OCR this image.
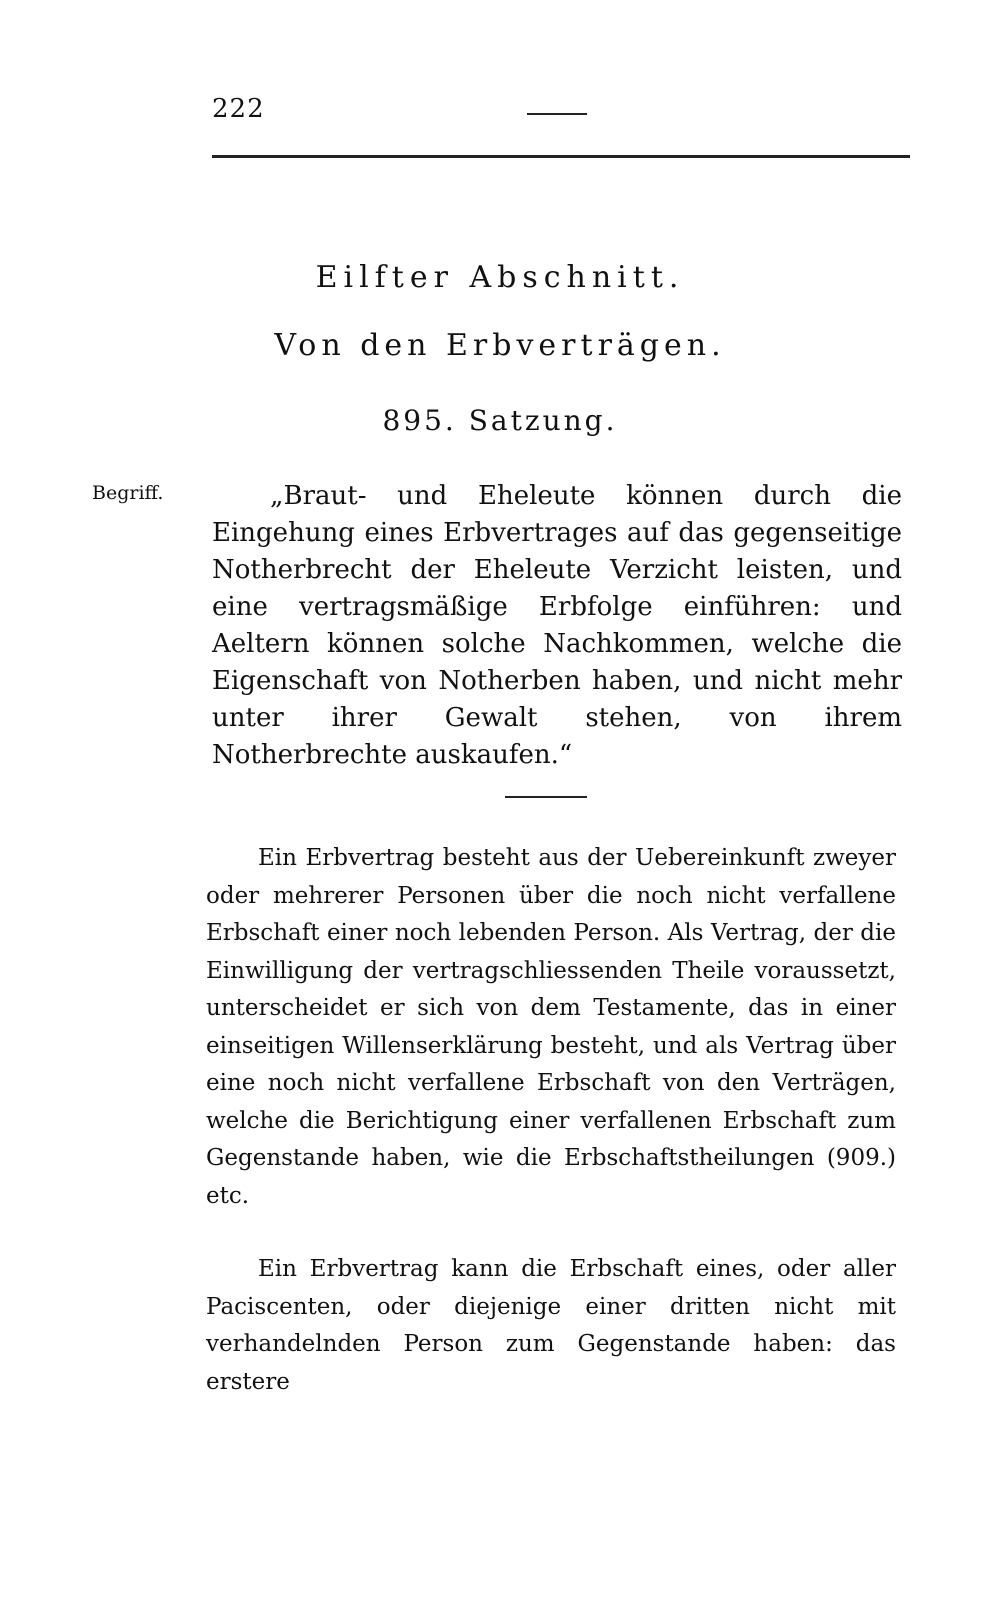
222
Eilfter Abschnitt.
Von den Erbverträgen.
895. Satzung.
Begriff.	„Braut- und Eheleute können durch die Eingehung eines Erbvertrages auf das gegenseitige Notherbrecht der Eheleute Verzicht leisten, und eine vertragsmäßige Erbfolge einführen: und Aeltern können solche Nachkommen, welche die Eigenschaft von Notherben haben, und nicht mehr unter ihrer Gewalt stehen, von ihrem Notherbrechte auskaufen.“

Ein Erbvertrag besteht aus der Uebereinkunft zweyer oder mehrerer Personen über die noch nicht verfallene Erbschaft einer noch lebenden Person. Als Vertrag, der die Einwilligung der vertragschliessenden Theile voraussetzt, unterscheidet er sich von dem Testamente, das in einer einseitigen Willenserklärung besteht, und als Vertrag über eine noch nicht verfallene Erbschaft von den Verträgen, welche die Berichtigung einer verfallenen Erbschaft zum Gegenstande haben, wie die Erbschaftstheilungen (909.) etc.

Ein Erbvertrag kann die Erbschaft eines, oder aller Paciscenten, oder diejenige einer dritten nicht mit verhandelnden Person zum Gegenstande haben: das erstere
